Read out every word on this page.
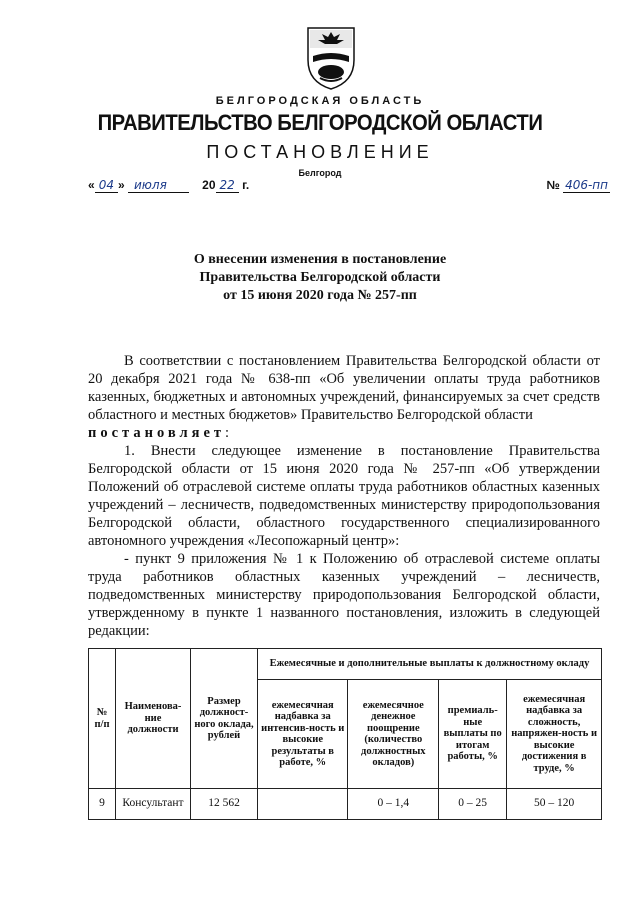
БЕЛГОРОДСКАЯ ОБЛАСТЬ
ПРАВИТЕЛЬСТВО БЕЛГОРОДСКОЙ ОБЛАСТИ
ПОСТАНОВЛЕНИЕ
Белгород
« 04 » июля	20 22 г.	№ 406-пп
О внесении изменения в постановление
Правительства Белгородской области
от 15 июня 2020 года № 257-пп

В соответствии с постановлением Правительства Белгородской области от 20 декабря 2021 года № 638-пп «Об увеличении оплаты труда работников казенных, бюджетных и автономных учреждений, финансируемых за счет средств областного и местных бюджетов» Правительство Белгородской области

постановляет:

1. Внести следующее изменение в постановление Правительства Белгородской области от 15 июня 2020 года № 257-пп «Об утверждении Положений об отраслевой системе оплаты труда работников областных казенных учреждений – лесничеств, подведомственных министерству природопользования Белгородской области, областного государственного специализированного автономного учреждения «Лесопожарный центр»:

- пункт 9 приложения № 1 к Положению об отраслевой системе оплаты труда работников областных казенных учреждений – лесничеств, подведомственных министерству природопользования Белгородской области, утвержденному в пункте 1 названного постановления, изложить в следующей редакции:

№ п/п	Наименова-ние должности	Размер должност-ного оклада, рублей	Ежемесячные и дополнительные выплаты к должностному окладу			
			ежемесячная надбавка за интенсив-ность и высокие результаты в работе, %	ежемесячное денежное поощрение (количество должностных окладов)	премиаль-ные выплаты по итогам работы, %	ежемесячная надбавка за сложность, напряжен-ность и высокие достижения в труде, %
9	Консультант	12 562		0 – 1,4	0 – 25	50 – 120
